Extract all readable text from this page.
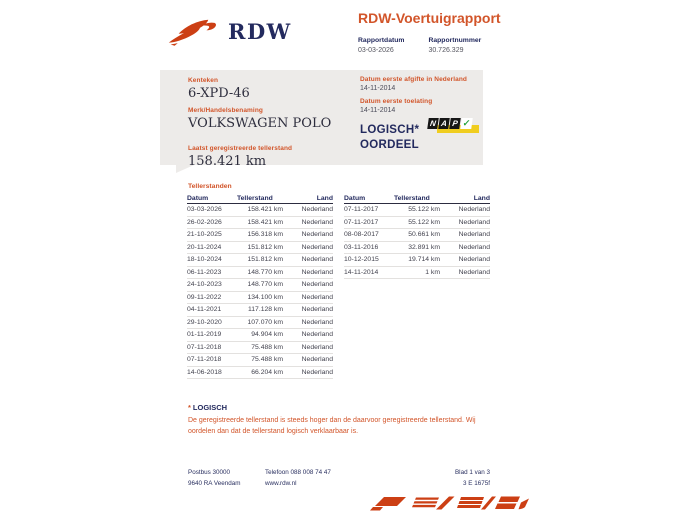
RDW
RDW-Voertuigrapport
Rapportdatum
03-03-2026
Rapportnummer
30.726.329
Kenteken
6-XPD-46
Merk/Handelsbenaming
VOLKSWAGEN POLO
Laatst geregistreerde tellerstand
158.421 km
Datum eerste afgifte in Nederland
14-11-2014
Datum eerste toelating
14-11-2014
LOGISCH*
OORDEEL
N A P ✓
Tellerstanden
Datum	Tellerstand	Land
03-03-2026	158.421 km	Nederland
26-02-2026	158.421 km	Nederland
21-10-2025	156.318 km	Nederland
20-11-2024	151.812 km	Nederland
18-10-2024	151.812 km	Nederland
06-11-2023	148.770 km	Nederland
24-10-2023	148.770 km	Nederland
09-11-2022	134.100 km	Nederland
04-11-2021	117.128 km	Nederland
29-10-2020	107.070 km	Nederland
01-11-2019	94.904 km	Nederland
07-11-2018	75.488 km	Nederland
07-11-2018	75.488 km	Nederland
14-06-2018	66.204 km	Nederland
Datum	Tellerstand	Land
07-11-2017	55.122 km	Nederland
07-11-2017	55.122 km	Nederland
08-08-2017	50.661 km	Nederland
03-11-2016	32.891 km	Nederland
10-12-2015	19.714 km	Nederland
14-11-2014	1 km	Nederland
* LOGISCH
De geregistreerde tellerstand is steeds hoger dan de daarvoor geregistreerde tellerstand. Wij oordelen dan dat de tellerstand logisch verklaarbaar is.
Postbus 30000
9640 RA Veendam
Telefoon 088 008 74 47
www.rdw.nl
Blad 1 van 3
3 E 1675f
